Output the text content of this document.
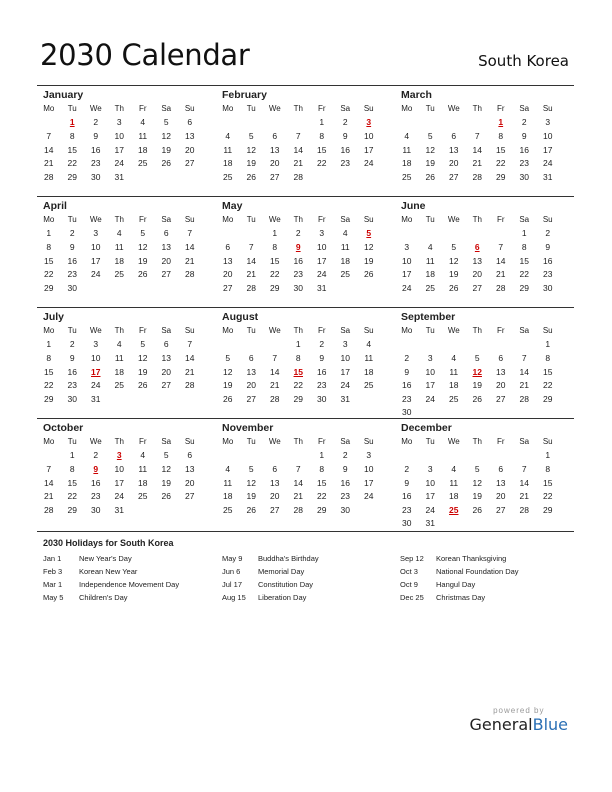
2030 Calendar	South Korea
January
Mo	Tu	We	Th	Fr	Sa	Su
	1	2	3	4	5	6
7	8	9	10	11	12	13
14	15	16	17	18	19	20
21	22	23	24	25	26	27
28	29	30	31			
February
Mo	Tu	We	Th	Fr	Sa	Su
				1	2	3
4	5	6	7	8	9	10
11	12	13	14	15	16	17
18	19	20	21	22	23	24
25	26	27	28			
March
Mo	Tu	We	Th	Fr	Sa	Su
				1	2	3
4	5	6	7	8	9	10
11	12	13	14	15	16	17
18	19	20	21	22	23	24
25	26	27	28	29	30	31
April
Mo	Tu	We	Th	Fr	Sa	Su
1	2	3	4	5	6	7
8	9	10	11	12	13	14
15	16	17	18	19	20	21
22	23	24	25	26	27	28
29	30					
May
Mo	Tu	We	Th	Fr	Sa	Su
		1	2	3	4	5
6	7	8	9	10	11	12
13	14	15	16	17	18	19
20	21	22	23	24	25	26
27	28	29	30	31		
June
Mo	Tu	We	Th	Fr	Sa	Su
					1	2
3	4	5	6	7	8	9
10	11	12	13	14	15	16
17	18	19	20	21	22	23
24	25	26	27	28	29	30
July
Mo	Tu	We	Th	Fr	Sa	Su
1	2	3	4	5	6	7
8	9	10	11	12	13	14
15	16	17	18	19	20	21
22	23	24	25	26	27	28
29	30	31				
August
Mo	Tu	We	Th	Fr	Sa	Su
			1	2	3	4
5	6	7	8	9	10	11
12	13	14	15	16	17	18
19	20	21	22	23	24	25
26	27	28	29	30	31	
September
Mo	Tu	We	Th	Fr	Sa	Su
						1
2	3	4	5	6	7	8
9	10	11	12	13	14	15
16	17	18	19	20	21	22
23	24	25	26	27	28	29
30						
October
Mo	Tu	We	Th	Fr	Sa	Su
	1	2	3	4	5	6
7	8	9	10	11	12	13
14	15	16	17	18	19	20
21	22	23	24	25	26	27
28	29	30	31			
November
Mo	Tu	We	Th	Fr	Sa	Su
				1	2	3
4	5	6	7	8	9	10
11	12	13	14	15	16	17
18	19	20	21	22	23	24
25	26	27	28	29	30	
December
Mo	Tu	We	Th	Fr	Sa	Su
						1
2	3	4	5	6	7	8
9	10	11	12	13	14	15
16	17	18	19	20	21	22
23	24	25	26	27	28	29
30	31					
2030 Holidays for South Korea
Jan 1	New Year's Day
Feb 3	Korean New Year
Mar 1	Independence Movement Day
May 5	Children's Day
May 9	Buddha's Birthday
Jun 6	Memorial Day
Jul 17	Constitution Day
Aug 15	Liberation Day
Sep 12	Korean Thanksgiving
Oct 3	National Foundation Day
Oct 9	Hangul Day
Dec 25	Christmas Day
powered by
GeneralBlue
